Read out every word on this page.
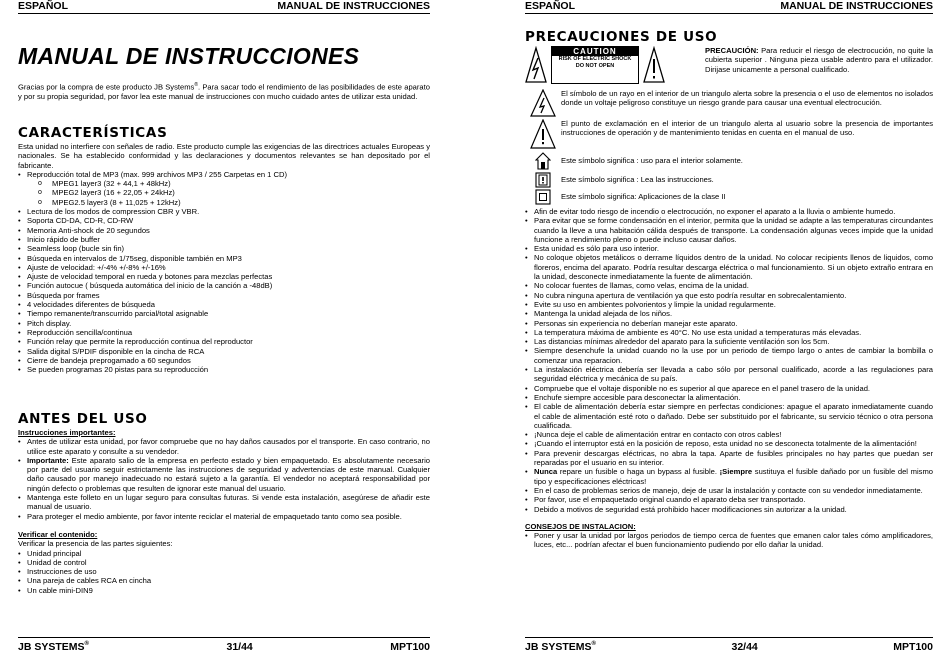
ESPAÑOL	MANUAL DE INSTRUCCIONES
MANUAL DE INSTRUCCIONES
Gracias por la compra de este producto JB Systems®. Para sacar todo el rendimiento de las posibilidades de este aparato y por su propia seguridad, por favor lea este manual de instrucciones con mucho cuidado antes de utilizar esta unidad.
CARACTERÍSTICAS
Esta unidad no interfiere con señales de radio. Este producto cumple las exigencias de las directrices actuales Europeas y nacionales. Se ha establecido conformidad y las declaraciones y documentos relevantes se han depositado por el fabricante.
• Reproducción total de MP3 (max. 999 archivos MP3 / 255 Carpetas en 1 CD)
o MPEG1 layer3 (32 + 44,1 + 48kHz)
o MPEG2 layer3 (16 + 22,05 + 24kHz)
o MPEG2.5 layer3 (8 + 11,025 + 12kHz)
• Lectura de los modos de compression CBR y VBR.
• Soporta CD-DA, CD-R, CD-RW
• Memoria Anti-shock de 20 segundos
• Inicio rápido de buffer
• Seamless loop (bucle sin fin)
• Búsqueda en intervalos de 1/75seg, disponible también en MP3
• Ajuste de velocidad: +/-4% +/-8% +/-16%
• Ajuste de velocidad temporal en rueda y botones para mezclas perfectas
• Función autocue ( búsqueda automática del inicio de la canción a -48dB)
• Búsqueda por frames
• 4 velocidades diferentes de búsqueda
• Tiempo remanente/transcurrido parcial/total asignable
• Pitch display.
• Reproducción sencilla/continua
• Función relay que permite la reproducción continua del reproductor
• Salida digital S/PDIF disponible en la cincha de RCA
• Cierre de bandeja preprogamado a 60 segundos
• Se pueden programas 20 pistas para su reproducción
ANTES DEL USO
Instrucciones importantes:
• Antes de utilizar esta unidad, por favor compruebe que no hay daños causados por el transporte. En caso contrario, no utilice este aparato y consulte a su vendedor.
• Importante: Este aparato salio de la empresa en perfecto estado y bien empaquetado. Es absolutamente necesario por parte del usuario seguir estrictamente las instrucciones de seguridad y advertencias de este manual. Cualquier daño causado por manejo inadecuado no estará sujeto a la garantía. El vendedor no aceptará responsabilidad por ningún defecto o problemas que resulten de ignorar este manual del usuario.
• Mantenga este folleto en un lugar seguro para consultas futuras. Si vende esta instalación, asegúrese de añadir este manual de usuario.
• Para proteger el medio ambiente, por favor intente reciclar el material de empaquetado tanto como sea posible.
Verificar el contenido:
Verificar la presencia de las partes siguientes:
• Unidad principal
• Unidad de control
• Instrucciones de uso
• Una pareja de cables RCA en cincha
• Un cable mini-DIN9
JB SYSTEMS®	31/44	MPT100
ESPAÑOL	MANUAL DE INSTRUCCIONES
PRECAUCIONES DE USO
CAUTION
RISK OF ELECTRIC SHOCK
DO NOT OPEN
PRECAUCIÓN: Para reducir el riesgo de electrocución, no quite la cubierta superior . Ninguna pieza usable adentro para el utilizador. Dirijase unicamente a personal cualificado.
El símbolo de un rayo en el interior de un triangulo alerta sobre la presencia o el uso de elementos no isolados donde un voltaje peligroso constituye un riesgo grande para causar una eventual electrocución.
El punto de exclamación en el interior de un triangulo alerta al usuario sobre la presencia de importantes instrucciones de operación y de mantenimiento tenidas en cuenta en el manual de uso.
Este símbolo significa : uso para el interior solamente.
Este símbolo significa : Lea las instrucciones.
Este símbolo significa: Aplicaciones de la clase II
• Afin de evitar todo riesgo de incendio o electrocución, no exponer el aparato a la lluvia o ambiente humedo.
• Para evitar que se forme condensación en el interior, permita que la unidad se adapte a las temperaturas circundantes cuando la lleve a una habitación cálida después de transporte. La condensación algunas veces impide que la unidad funcione a rendimiento pleno o puede incluso causar daños.
• Esta unidad es sólo para uso interior.
• No coloque objetos metálicos o derrame líquidos dentro de la unidad. No colocar recipients llenos de liquidos, como floreros, encima del aparato. Podría resultar descarga eléctrica o mal funcionamiento. Si un objeto extraño entrara en la unidad, desconecte inmediatamente la fuente de alimentación.
• No colocar fuentes de llamas, como velas, encima de la unidad.
• No cubra ninguna apertura de ventilación ya que esto podría resultar en sobrecalentamiento.
• Evite su uso en ambientes polvorientos y limpie la unidad regularmente.
• Mantenga la unidad alejada de los niños.
• Personas sin experiencia no deberían manejar este aparato.
• La temperatura máxima de ambiente es 40°C. No use esta unidad a temperaturas más elevadas.
• Las distancias mínimas alrededor del aparato para la suficiente ventilación son los 5cm.
• Siempre desenchufe la unidad cuando no la use por un periodo de tiempo largo o antes de cambiar la bombilla o comenzar una reparacion.
• La instalación eléctrica debería ser llevada a cabo sólo por personal cualificado, acorde a las regulaciones para seguridad eléctrica y mecánica de su país.
• Compruebe que el voltaje disponible no es superior al que aparece en el panel trasero de la unidad.
• Enchufe siempre accesible para desconectar la alimentación.
• El cable de alimentación debería estar siempre en perfectas condiciones: apague el aparato inmediatamente cuando el cable de alimentación esté roto o dañado. Debe ser substituido por el fabricante, su servicio técnico o otra persona cualificada.
• ¡Nunca deje el cable de alimentación entrar en contacto con otros cables!
• ¡Cuando el interruptor está en la posición de reposo, esta unidad no se desconecta totalmente de la alimentación!
• Para prevenir descargas eléctricas, no abra la tapa. Aparte de fusibles principales no hay partes que puedan ser reparadas por el usuario en su interior.
• Nunca repare un fusible o haga un bypass al fusible. ¡Siempre sustituya el fusible dañado por un fusible del mismo tipo y especificaciones eléctricas!
• En el caso de problemas serios de manejo, deje de usar la instalación y contacte con su vendedor inmediatamente.
• Por favor, use el empaquetado original cuando el aparato deba ser transportado.
• Debido a motivos de seguridad está prohibido hacer modificaciones sin autorizar a la unidad.
CONSEJOS DE INSTALACION:
• Poner y usar la unidad por largos periodos de tiempo cerca de fuentes que emanen calor tales cómo amplificadores, luces, etc... podrían afectar el buen funcionamiento pudiendo por ello dañar la unidad.
JB SYSTEMS®	32/44	MPT100
